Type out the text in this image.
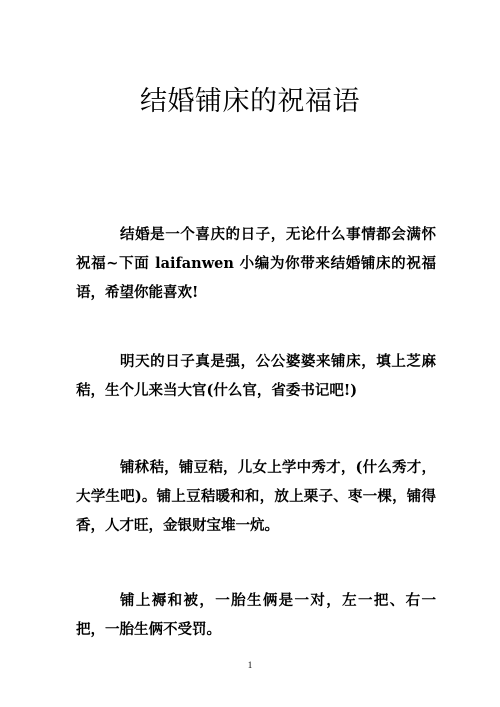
结婚铺床的祝福语

结婚是一个喜庆的日子，无论什么事情都会满怀祝福~下面 laifanwen 小编为你带来结婚铺床的祝福语，希望你能喜欢!

明天的日子真是强，公公婆婆来铺床，填上芝麻秸，生个儿来当大官(什么官，省委书记吧!)

铺秫秸，铺豆秸，儿女上学中秀才，(什么秀才，大学生吧)。铺上豆秸暖和和，放上栗子、枣一棵，铺得香，人才旺，金银财宝堆一炕。

铺上褥和被，一胎生俩是一对，左一把、右一把，一胎生俩不受罚。

1
